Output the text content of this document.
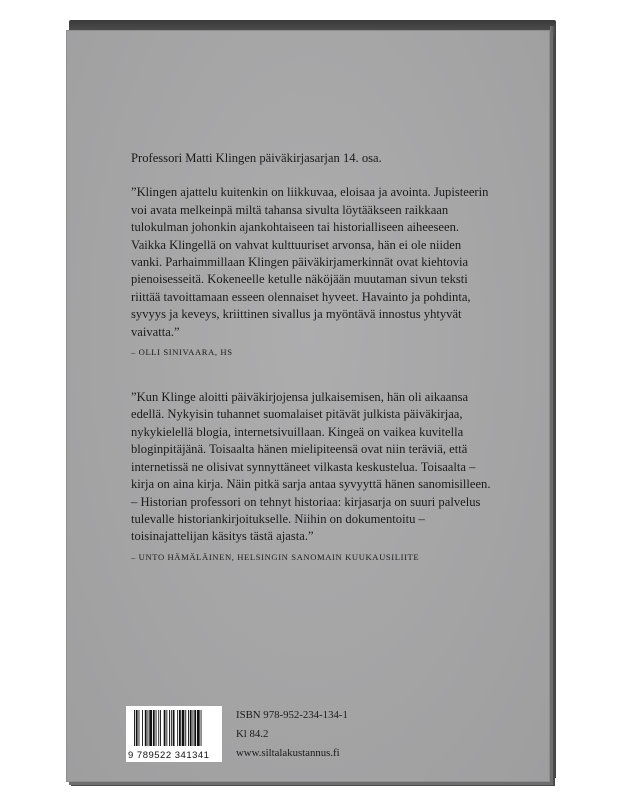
Professori Matti Klingen päiväkirjasarjan 14. osa.

”Klingen ajattelu kuitenkin on liikkuvaa, eloisaa ja avointa. Jupisteerin voi avata melkeinpä miltä tahansa sivulta löytääkseen raikkaan tulokulman johonkin ajankohtaiseen tai historialliseen aiheeseen. Vaikka Klingellä on vahvat kulttuuriset arvonsa, hän ei ole niiden vanki. Parhaimmillaan Klingen päiväkirjamerkinnät ovat kiehtovia pienoisesseitä. Kokeneelle ketulle näköjään muutaman sivun teksti riittää tavoittamaan esseen olennaiset hyveet. Havainto ja pohdinta, syvyys ja keveys, kriittinen sivallus ja myöntävä innostus yhtyvät vaivatta.”

– OLLI SINIVAARA, HS

”Kun Klinge aloitti päiväkirjojensa julkaisemisen, hän oli aikaansa edellä. Nykyisin tuhannet suomalaiset pitävät julkista päiväkirjaa, nykykielellä blogia, internetsivuillaan. Kingeä on vaikea kuvitella bloginpitäjänä. Toisaalta hänen mielipiteensä ovat niin teräviä, että internetissä ne olisivat synnyttäneet vilkasta keskustelua. Toisaalta – kirja on aina kirja. Näin pitkä sarja antaa syvyyttä hänen sanomisilleen. – Historian professori on tehnyt historiaa: kirjasarja on suuri palvelus tulevalle historiankirjoitukselle. Niihin on dokumentoitu – toisinajattelijan käsitys tästä ajasta.”

– UNTO HÄMÄLÄINEN, HELSINGIN SANOMAIN KUUKAUSILIITE

9 789522 341341
ISBN 978-952-234-134-1
Kl 84.2
www.siltalakustannus.fi
